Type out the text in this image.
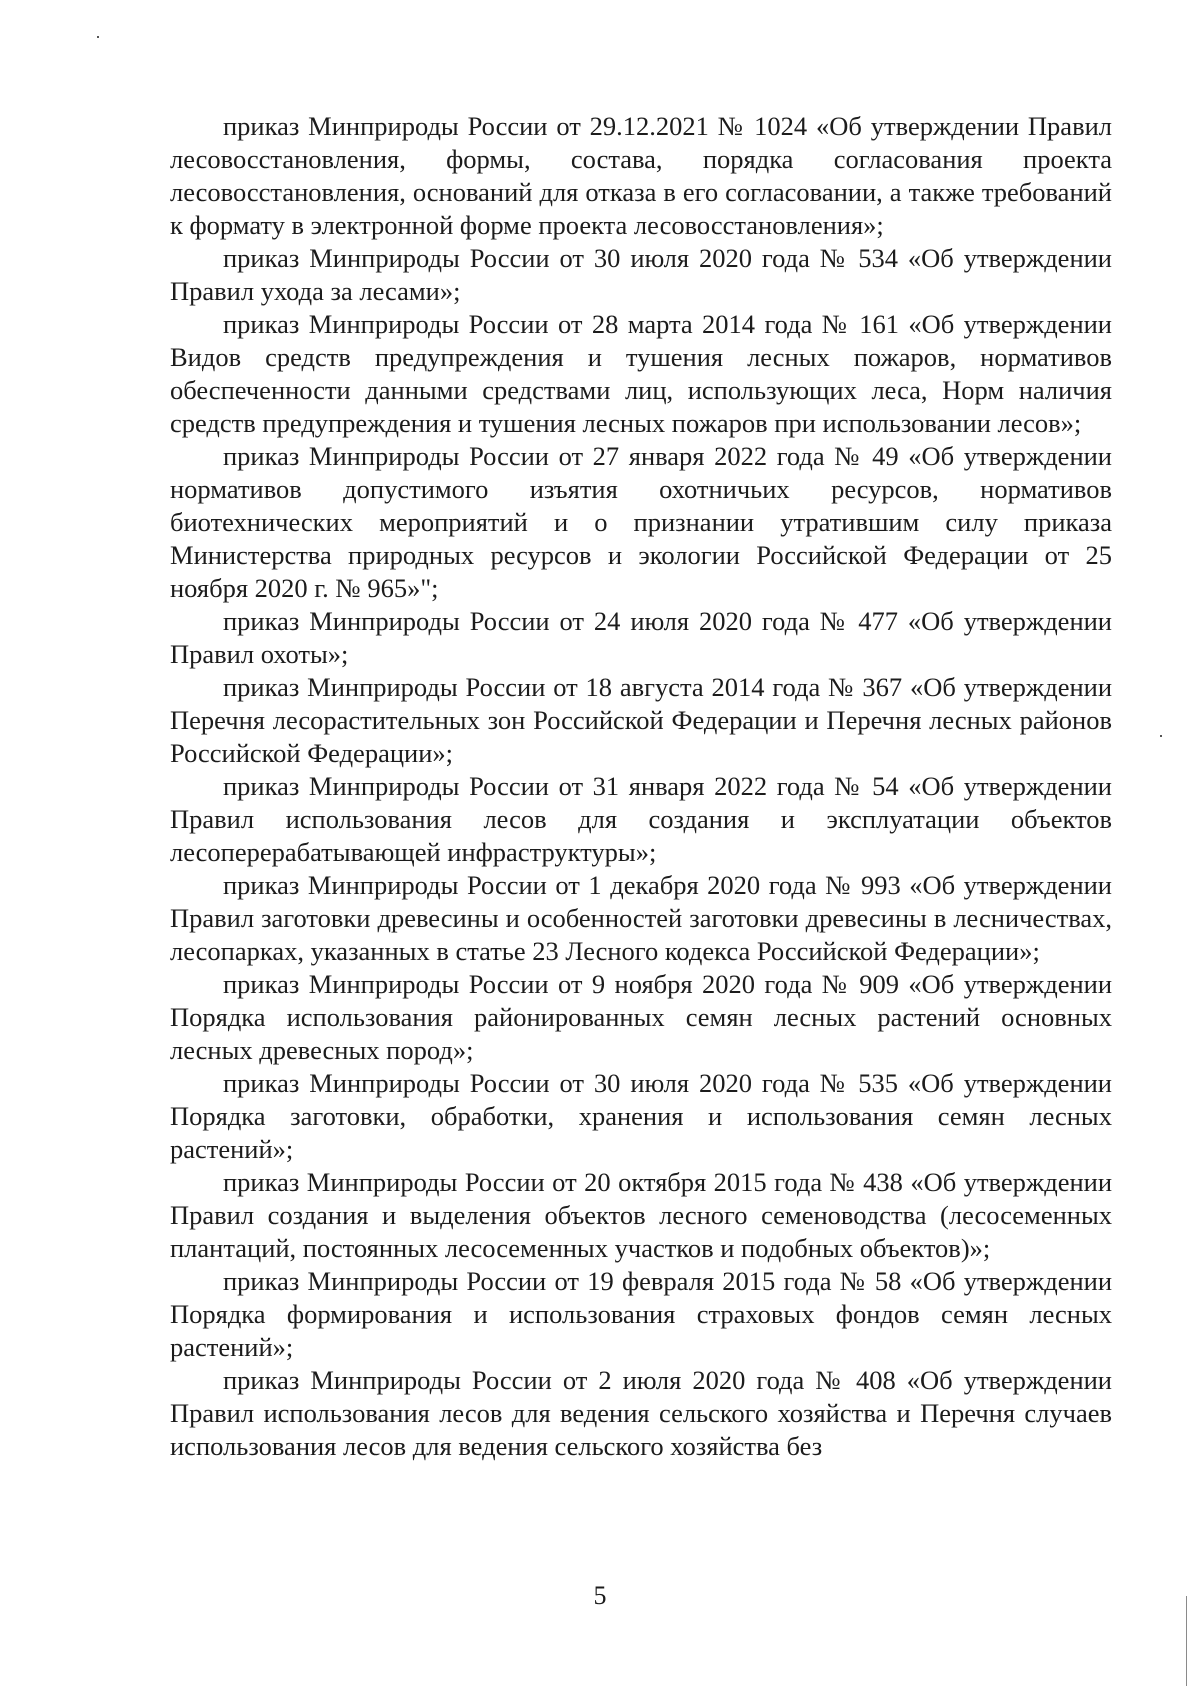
приказ Минприроды России от 29.12.2021 № 1024 «Об утверждении Правил лесовосстановления, формы, состава, порядка согласования проекта лесовосстановления, оснований для отказа в его согласовании, а также требований к формату в электронной форме проекта лесовосстановления»;

приказ Минприроды России от 30 июля 2020 года № 534 «Об утверждении Правил ухода за лесами»;

приказ Минприроды России от 28 марта 2014 года № 161 «Об утверждении Видов средств предупреждения и тушения лесных пожаров, нормативов обеспеченности данными средствами лиц, использующих леса, Норм наличия средств предупреждения и тушения лесных пожаров при использовании лесов»;

приказ Минприроды России от 27 января 2022 года № 49 «Об утверждении нормативов допустимого изъятия охотничьих ресурсов, нормативов биотехнических мероприятий и о признании утратившим силу приказа Министерства природных ресурсов и экологии Российской Федерации от 25 ноября 2020 г. № 965»";

приказ Минприроды России от 24 июля 2020 года № 477 «Об утверждении Правил охоты»;

приказ Минприроды России от 18 августа 2014 года № 367 «Об утверждении Перечня лесорастительных зон Российской Федерации и Перечня лесных районов Российской Федерации»;

приказ Минприроды России от 31 января 2022 года № 54 «Об утверждении Правил использования лесов для создания и эксплуатации объектов лесоперерабатывающей инфраструктуры»;

приказ Минприроды России от 1 декабря 2020 года № 993 «Об утверждении Правил заготовки древесины и особенностей заготовки древесины в лесничествах, лесопарках, указанных в статье 23 Лесного кодекса Российской Федерации»;

приказ Минприроды России от 9 ноября 2020 года № 909 «Об утверждении Порядка использования районированных семян лесных растений основных лесных древесных пород»;

приказ Минприроды России от 30 июля 2020 года № 535 «Об утверждении Порядка заготовки, обработки, хранения и использования семян лесных растений»;

приказ Минприроды России от 20 октября 2015 года № 438 «Об утверждении Правил создания и выделения объектов лесного семеноводства (лесосеменных плантаций, постоянных лесосеменных участков и подобных объектов)»;

приказ Минприроды России от 19 февраля 2015 года № 58 «Об утверждении Порядка формирования и использования страховых фондов семян лесных растений»;

приказ Минприроды России от 2 июля 2020 года № 408 «Об утверждении Правил использования лесов для ведения сельского хозяйства и Перечня случаев использования лесов для ведения сельского хозяйства без

5
